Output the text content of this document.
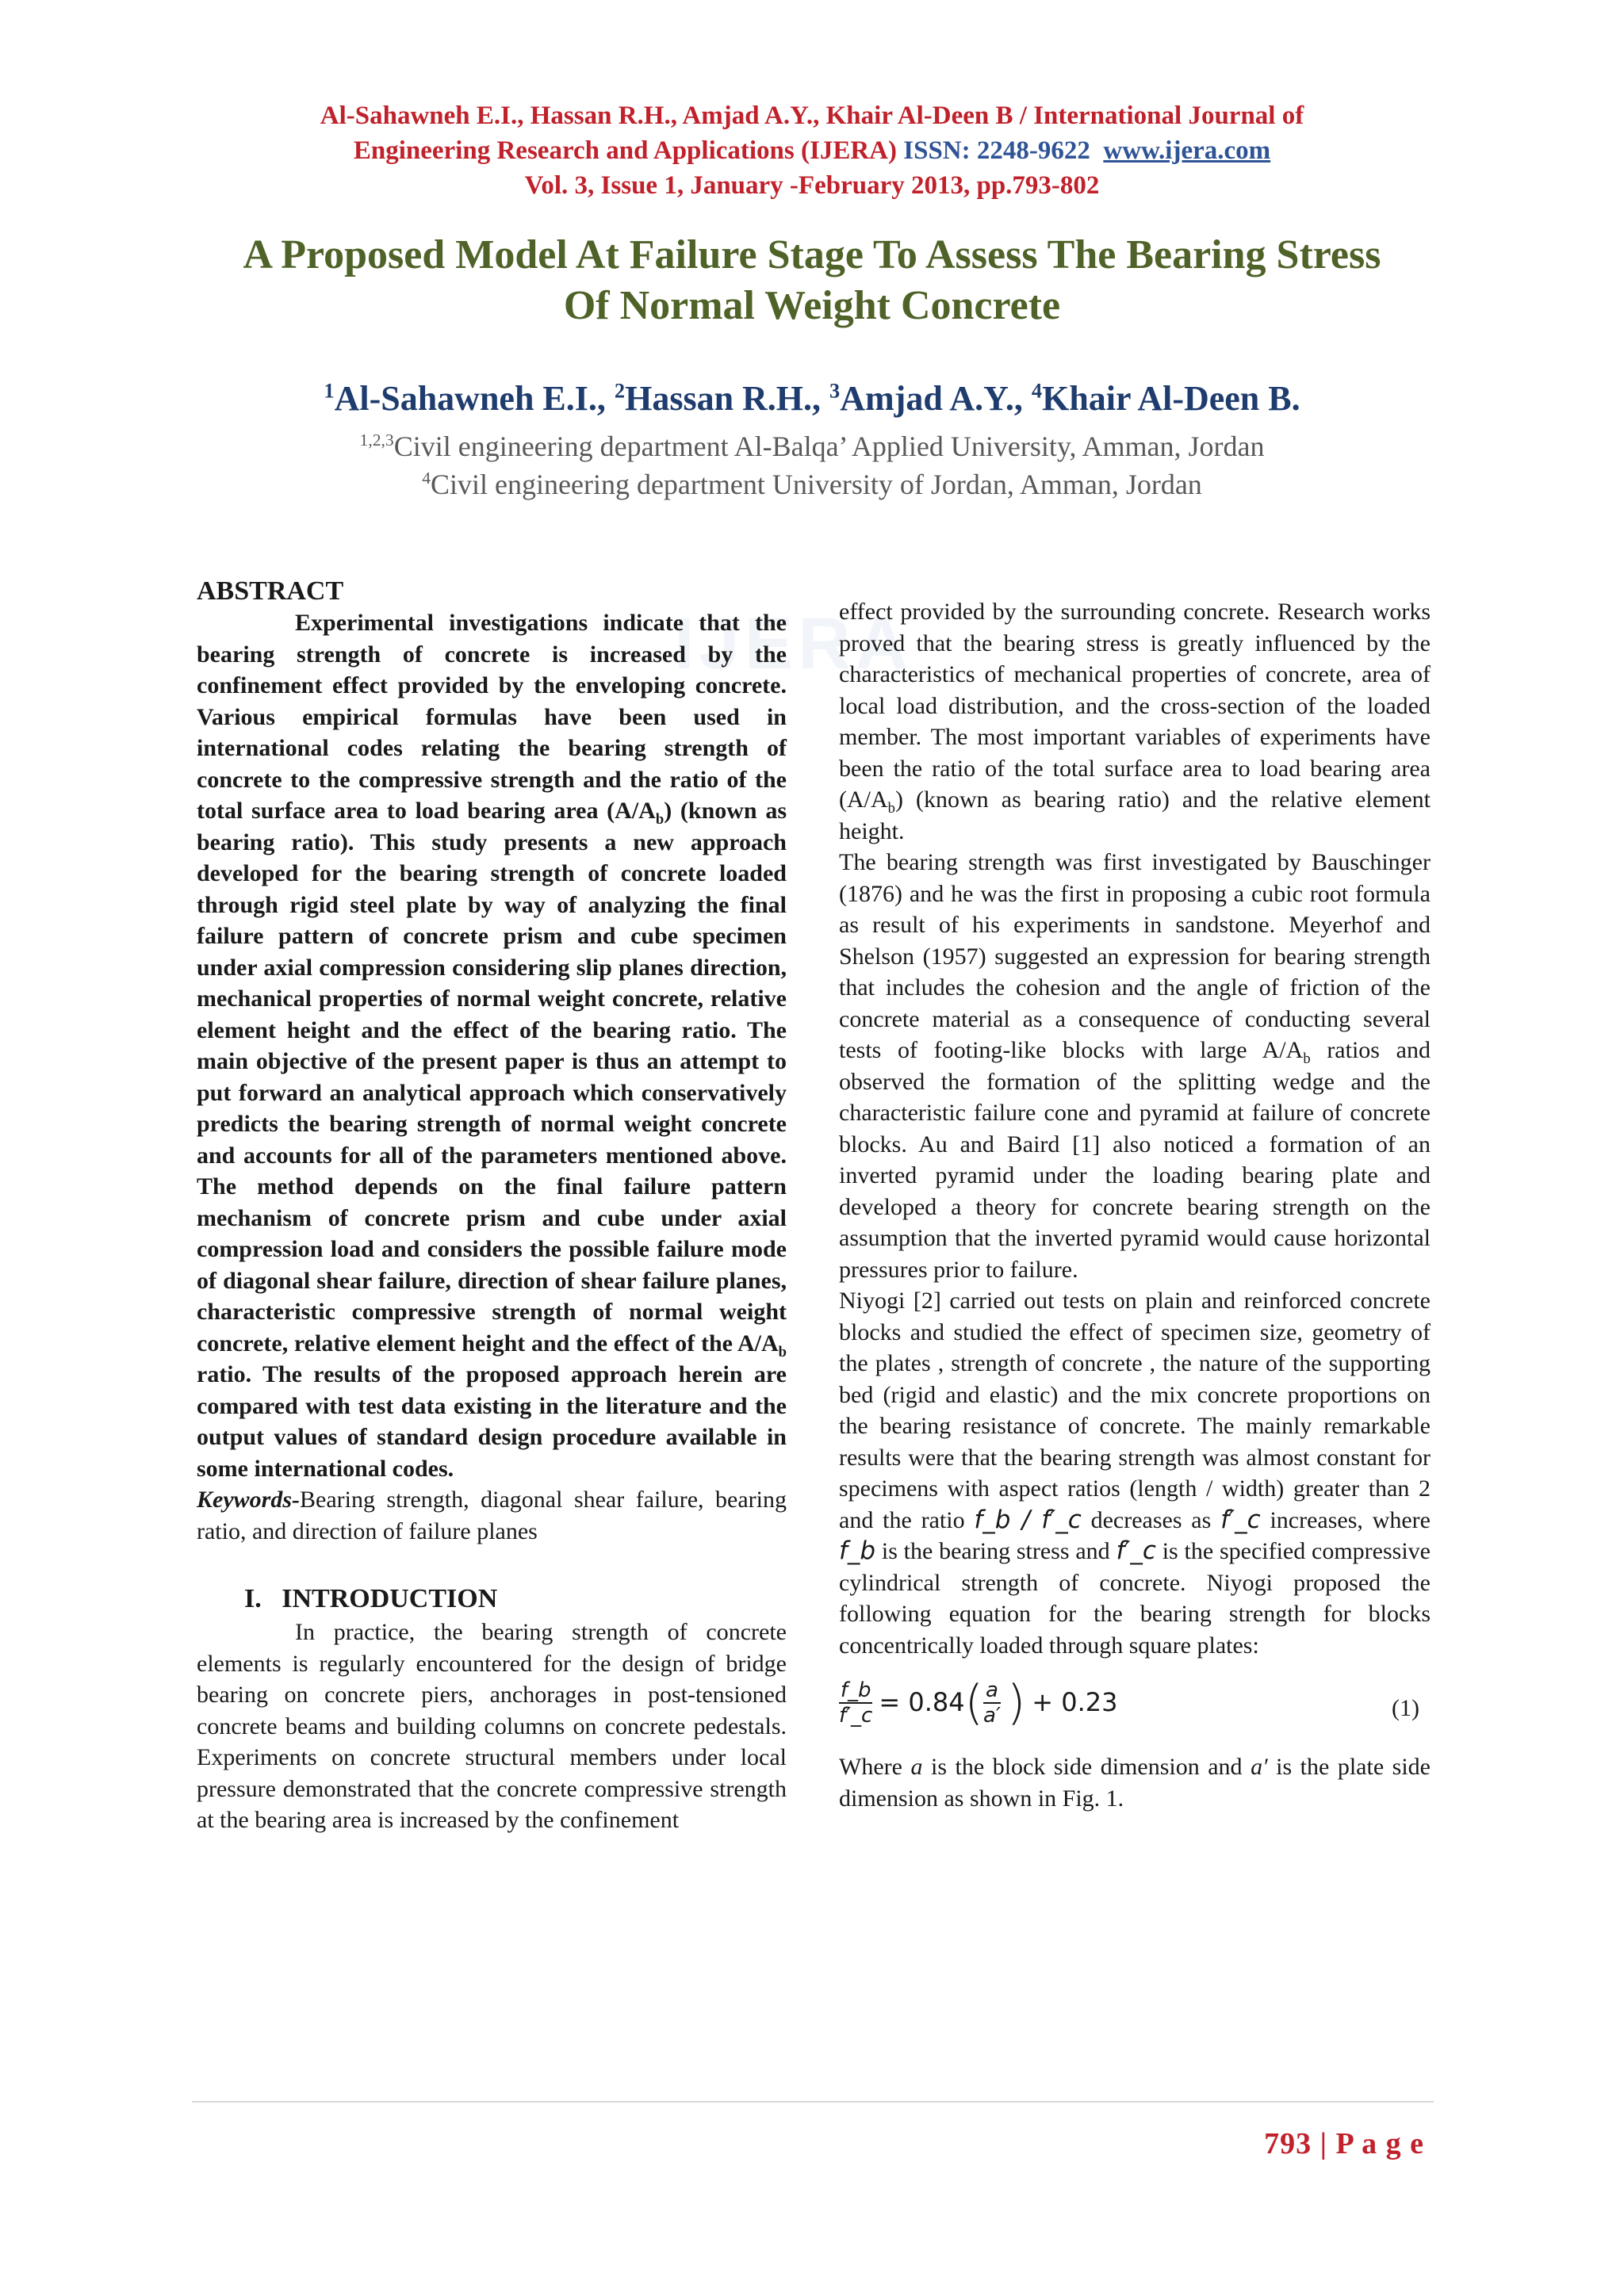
IJERA
Al-Sahawneh E.I., Hassan R.H., Amjad A.Y., Khair Al-Deen B / International Journal of
Engineering Research and Applications (IJERA) ISSN: 2248-9622 www.ijera.com
Vol. 3, Issue 1, January -February 2013, pp.793-802
A Proposed Model At Failure Stage To Assess The Bearing Stress
Of Normal Weight Concrete
$^1$Al-Sahawneh E.I., $^2$Hassan R.H., $^3$Amjad A.Y., $^4$Khair Al-Deen B.
$^{1,2,3}$Civil engineering department Al-Balqa’ Applied University, Amman, Jordan
$^4$Civil engineering department University of Jordan, Amman, Jordan

ABSTRACT

Experimental investigations indicate that the bearing strength of concrete is increased by the confinement effect provided by the enveloping concrete. Various empirical formulas have been used in international codes relating the bearing strength of concrete to the compressive strength and the ratio of the total surface area to load bearing area $(A/A_b)$ (known as bearing ratio). This study presents a new approach developed for the bearing strength of concrete loaded through rigid steel plate by way of analyzing the final failure pattern of concrete prism and cube specimen under axial compression considering slip planes direction, mechanical properties of normal weight concrete, relative element height and the effect of the bearing ratio. The main objective of the present paper is thus an attempt to put forward an analytical approach which conservatively predicts the bearing strength of normal weight concrete and accounts for all of the parameters mentioned above. The method depends on the final failure pattern mechanism of concrete prism and cube under axial compression load and considers the possible failure mode of diagonal shear failure, direction of shear failure planes, characteristic compressive strength of normal weight concrete, relative element height and the effect of the $A/A_b$ ratio. The results of the proposed approach herein are compared with test data existing in the literature and the output values of standard design procedure available in some international codes.

Keywords-Bearing strength, diagonal shear failure, bearing ratio, and direction of failure planes

I. INTRODUCTION

In practice, the bearing strength of concrete elements is regularly encountered for the design of bridge bearing on concrete piers, anchorages in post-tensioned concrete beams and building columns on concrete pedestals. Experiments on concrete structural members under local pressure demonstrated that the concrete compressive strength at the bearing area is increased by the confinement

effect provided by the surrounding concrete. Research works proved that the bearing stress is greatly influenced by the characteristics of mechanical properties of concrete, area of local load distribution, and the cross-section of the loaded member. The most important variables of experiments have been the ratio of the total surface area to load bearing area $(A/A_b)$ (known as bearing ratio) and the relative element height.

The bearing strength was first investigated by Bauschinger (1876) and he was the first in proposing a cubic root formula as result of his experiments in sandstone. Meyerhof and Shelson (1957) suggested an expression for bearing strength that includes the cohesion and the angle of friction of the concrete material as a consequence of conducting several tests of footing-like blocks with large $A/A_b$ ratios and observed the formation of the splitting wedge and the characteristic failure cone and pyramid at failure of concrete blocks. Au and Baird [1] also noticed a formation of an inverted pyramid under the loading bearing plate and developed a theory for concrete bearing strength on the assumption that the inverted pyramid would cause horizontal pressures prior to failure.

Niyogi [2] carried out tests on plain and reinforced concrete blocks and studied the effect of specimen size, geometry of the plates , strength of concrete , the nature of the supporting bed (rigid and elastic) and the mix concrete proportions on the bearing resistance of concrete. The mainly remarkable results were that the bearing strength was almost constant for specimens with aspect ratios (length / width) greater than 2 and the ratio f_b / f′_c decreases as f′_c increases, where f_b is the bearing stress and f′_c is the specified compressive cylindrical strength of concrete. Niyogi proposed the following equation for the bearing strength for blocks concentrically loaded through square plates:

$\frac{f\_b}{f'\_c} = 0.84$ ( $\frac{a}{a'}$ ) + 0.23	(1)

Where a is the block side dimension and a′ is the plate side dimension as shown in Fig. 1.

793 | P a g e
